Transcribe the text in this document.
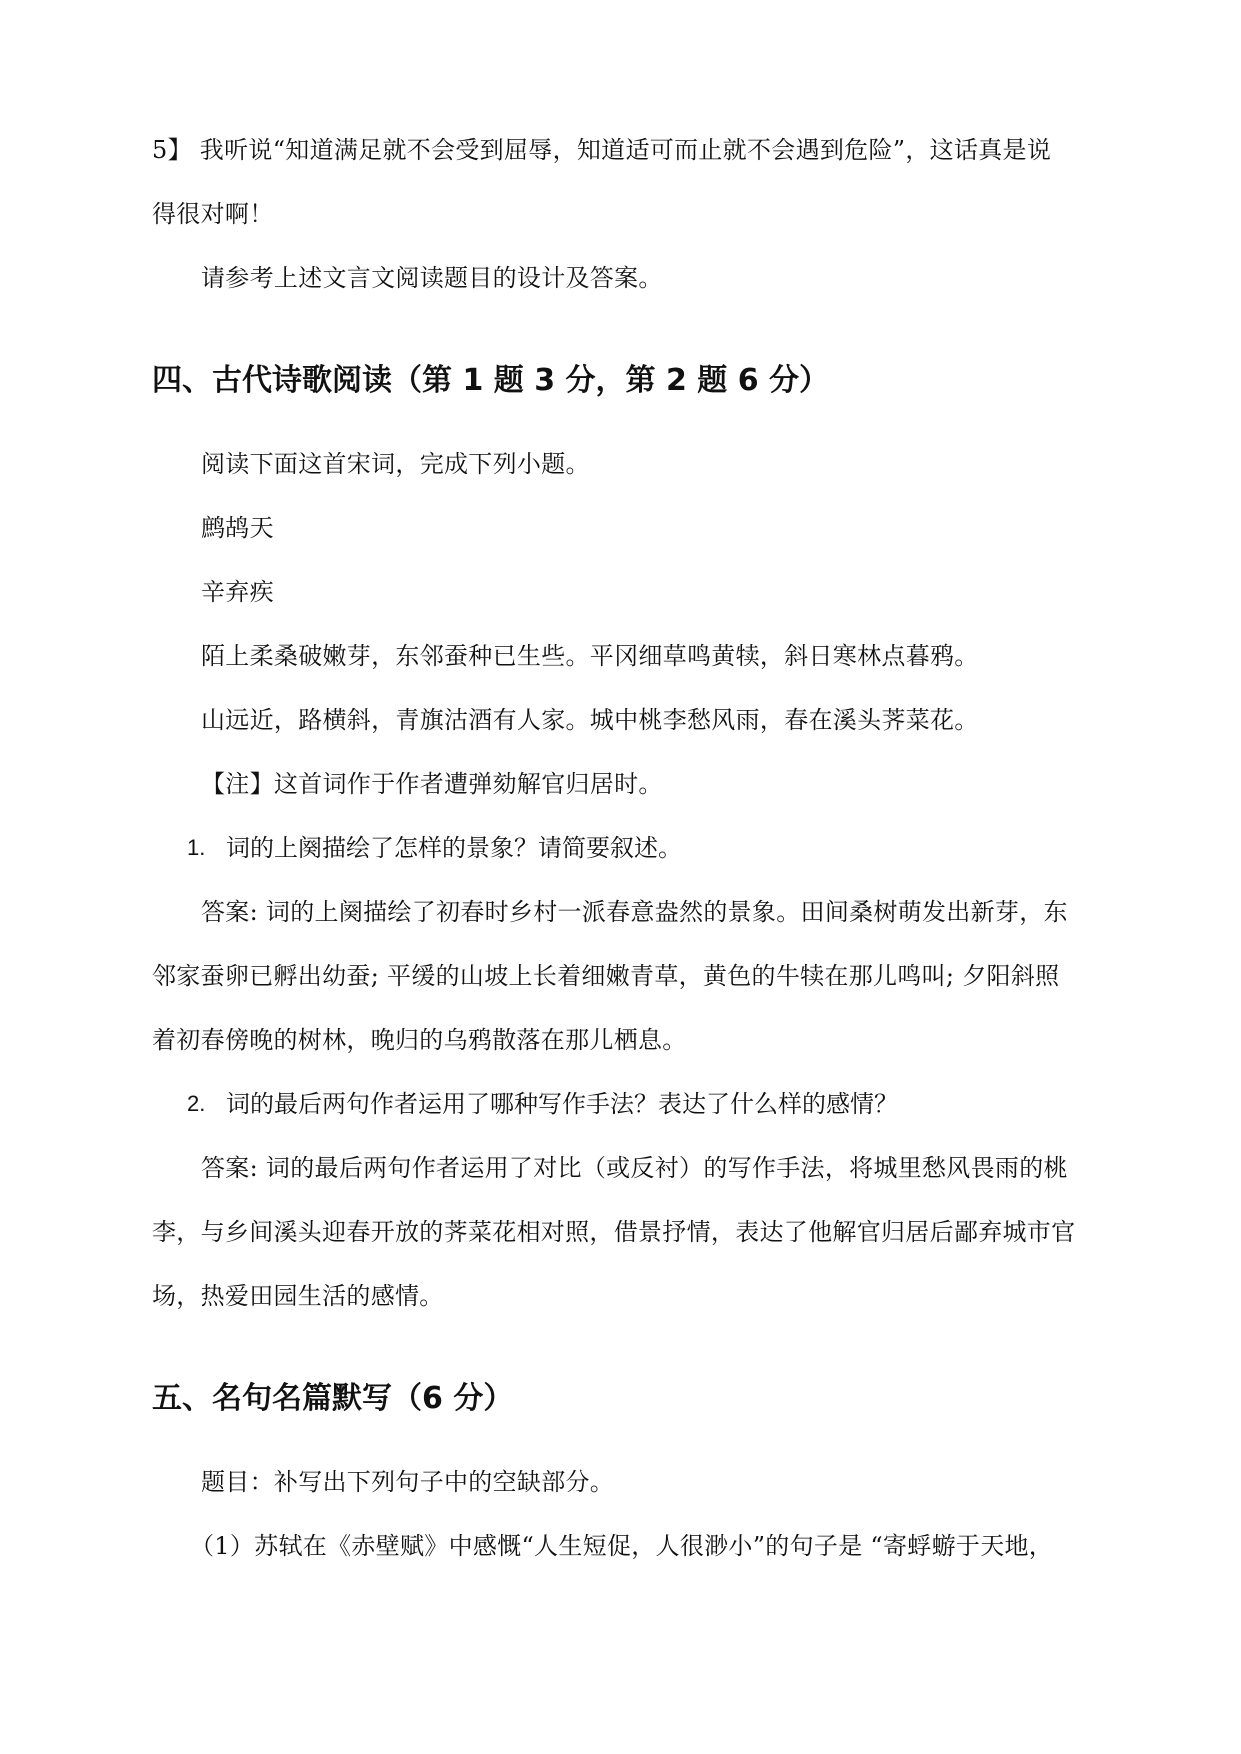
5】 我听说“知道满足就不会受到屈辱，知道适可而止就不会遇到危险”，这话真是说
得很对啊！
请参考上述文言文阅读题目的设计及答案。
四、古代诗歌阅读（第 1 题 3 分，第 2 题 6 分）
阅读下面这首宋词，完成下列小题。
鹧鸪天
辛弃疾
陌上柔桑破嫩芽，东邻蚕种已生些。平冈细草鸣黄犊，斜日寒林点暮鸦。
山远近，路横斜，青旗沽酒有人家。城中桃李愁风雨，春在溪头荠菜花。
【注】这首词作于作者遭弹劾解官归居时。
1. 词的上阕描绘了怎样的景象？请简要叙述。
答案: 词的上阕描绘了初春时乡村一派春意盎然的景象。田间桑树萌发出新芽，东
邻家蚕卵已孵出幼蚕; 平缓的山坡上长着细嫩青草，黄色的牛犊在那儿鸣叫; 夕阳斜照
着初春傍晚的树林，晚归的乌鸦散落在那儿栖息。
2. 词的最后两句作者运用了哪种写作手法？表达了什么样的感情？
答案: 词的最后两句作者运用了对比（或反衬）的写作手法，将城里愁风畏雨的桃
李，与乡间溪头迎春开放的荠菜花相对照，借景抒情，表达了他解官归居后鄙弃城市官
场，热爱田园生活的感情。
五、名句名篇默写（6 分）
题目：补写出下列句子中的空缺部分。
（1）苏轼在《赤壁赋》中感慨“人生短促，人很渺小”的句子是 “寄蜉蝣于天地，
